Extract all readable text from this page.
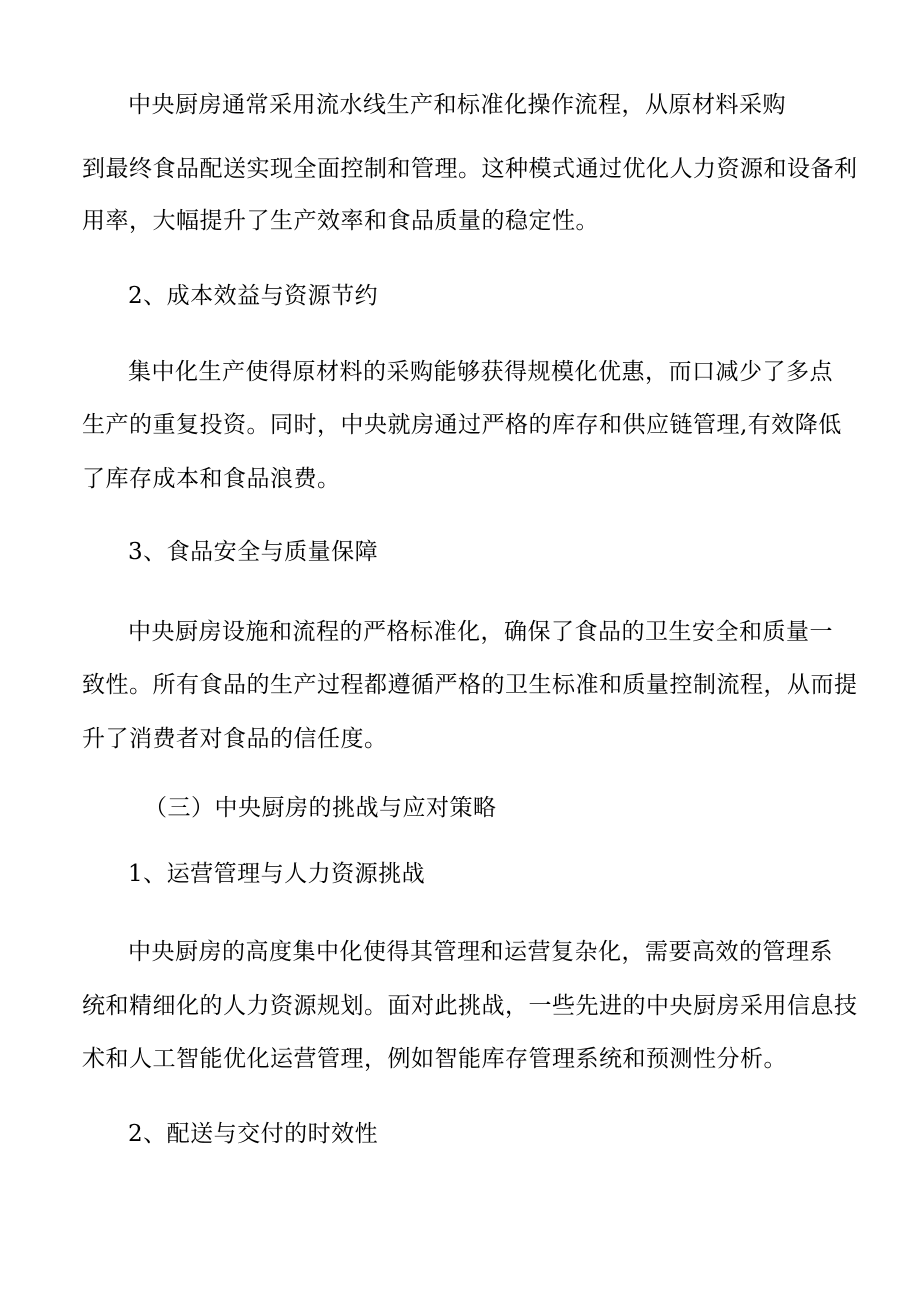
中央厨房通常采用流水线生产和标准化操作流程，从原材料采购
到最终食品配送实现全面控制和管理。这种模式通过优化人力资源和设备利
用率，大幅提升了生产效率和食品质量的稳定性。
2、成本效益与资源节约
集中化生产使得原材料的采购能够获得规模化优惠，而口减少了多点
生产的重复投资。同时，中央就房通过严格的库存和供应链管理,有效降低
了库存成本和食品浪费。
3、食品安全与质量保障
中央厨房设施和流程的严格标准化，确保了食品的卫生安全和质量一
致性。所有食品的生产过程都遵循严格的卫生标准和质量控制流程，从而提
升了消费者对食品的信任度。
（三）中央厨房的挑战与应对策略
1、运营管理与人力资源挑战
中央厨房的高度集中化使得其管理和运营复杂化，需要高效的管理系
统和精细化的人力资源规划。面对此挑战，一些先进的中央厨房采用信息技
术和人工智能优化运营管理，例如智能库存管理系统和预测性分析。
2、配送与交付的时效性
